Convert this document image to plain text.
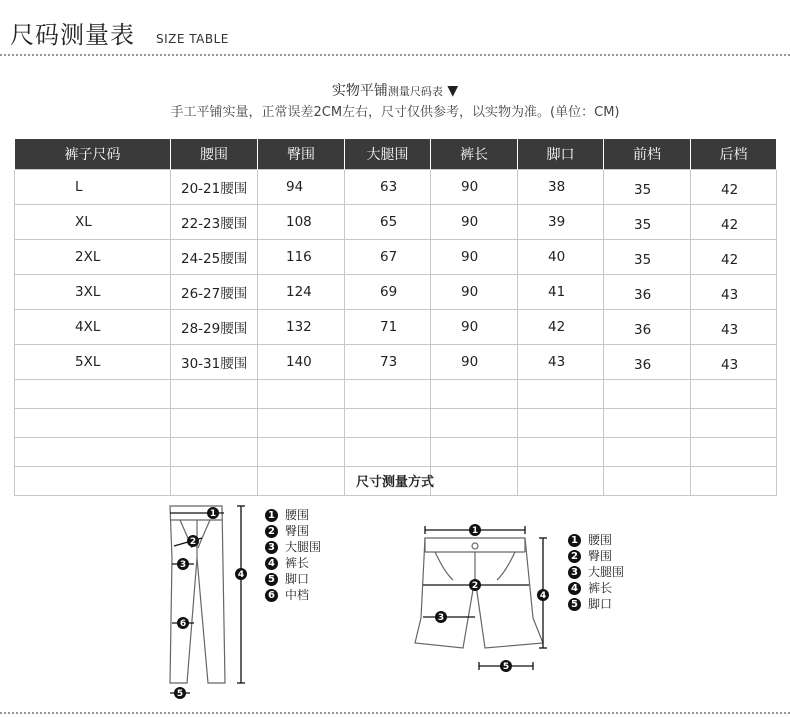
尺码测量表 SIZE TABLE
实物平铺测量尺码表 ▼
手工平铺实量，正常误差2CM左右，尺寸仅供参考，以实物为准。(单位：CM)
裤子尺码	腰围	臀围	大腿围	裤长	脚口	前档	后档
L	20-21腰围	94	63	90	38	35	42
XL	22-23腰围	108	65	90	39	35	42
2XL	24-25腰围	116	67	90	40	35	42
3XL	26-27腰围	124	69	90	41	36	43
4XL	28-29腰围	132	71	90	42	36	43
5XL	30-31腰围	140	73	90	43	36	43

尺寸测量方式
1
2
3
4
6
5
1 腰围
2 臀围
3 大腿围
4 裤长
5 脚口
6 中档
1
2
3
4
5
1 腰围
2 臀围
3 大腿围
4 裤长
5 脚口
